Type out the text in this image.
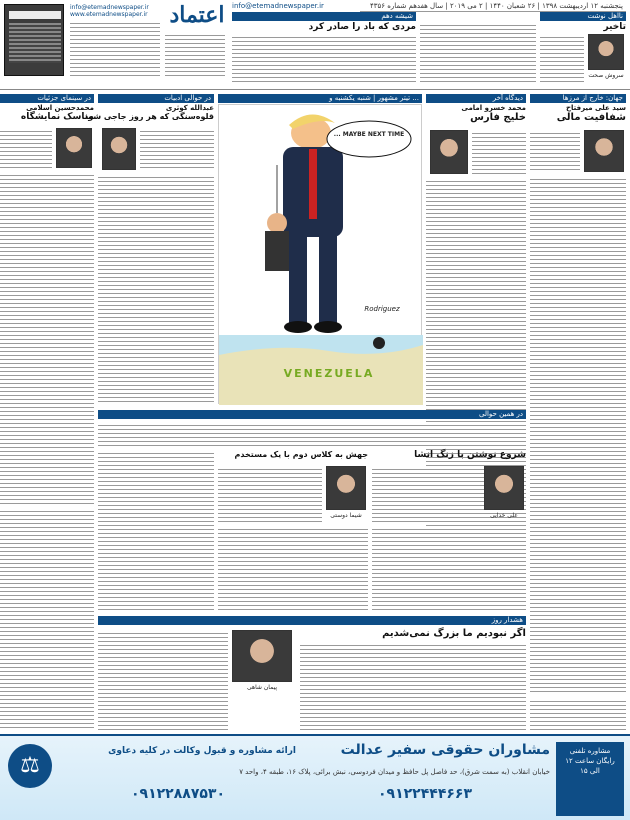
info@etemadnewspaper.ir
www.etemadnewspaper.ir اعتماد	info@etemadnewspaper.ir	پنجشنبه ١٢ اردیبهشت ١٣٩٨ | ٢۶ شعبان ١۴۴٠ | ٢ می ٢٠١٩ | سال هفدهم شماره ۴٣۵۶
شیشه دهم
مردی که باد را صادر کرد
نااهل نوشت
تاخیر
سروش صحت
در سینمای جزئیات	در حوالی ادبیات	تیتر مشهور | شنبه یکشنبه و ...	دیدگاه آخر	جهان: خارج از مرزها
سید علی میرفتاح
شفافیت مالی
محمد خسرو امامی
خلیج فارس
... MAYBE NEXT TIME
VENEZUELA
Rodriguez
عبدالله کوثری
قلوه‌سنگی که هر روز جاجی شود
محمدحسین اسلامی
مناسک نمایشگاه
در همین حوالی
شروع نوشتن با زنگ انشا
علی خدایی
جهش به کلاس دوم با یک مستخدم
شیما دوستی
هشدار روز
اگر نبودیم ما بزرگ نمی‌شدیم
پیمان شاهی
⚖
مشاوران حقوقی سفیر عدالت
ارائه مشاوره و قبول وکالت در کلیه دعاوی
خیابان انقلاب (به سمت شرق)، حد فاصل پل حافظ و میدان فردوسی، نبش برائی، پلاک ١۶، طبقه ۴، واحد ٧
٠٩١٢٢۴۴۴۶۶٣
٠٩١٢٢٨٨٧۵٣٠
مشاوره تلفنی رایگان ساعت ١٢ الی ١۵
